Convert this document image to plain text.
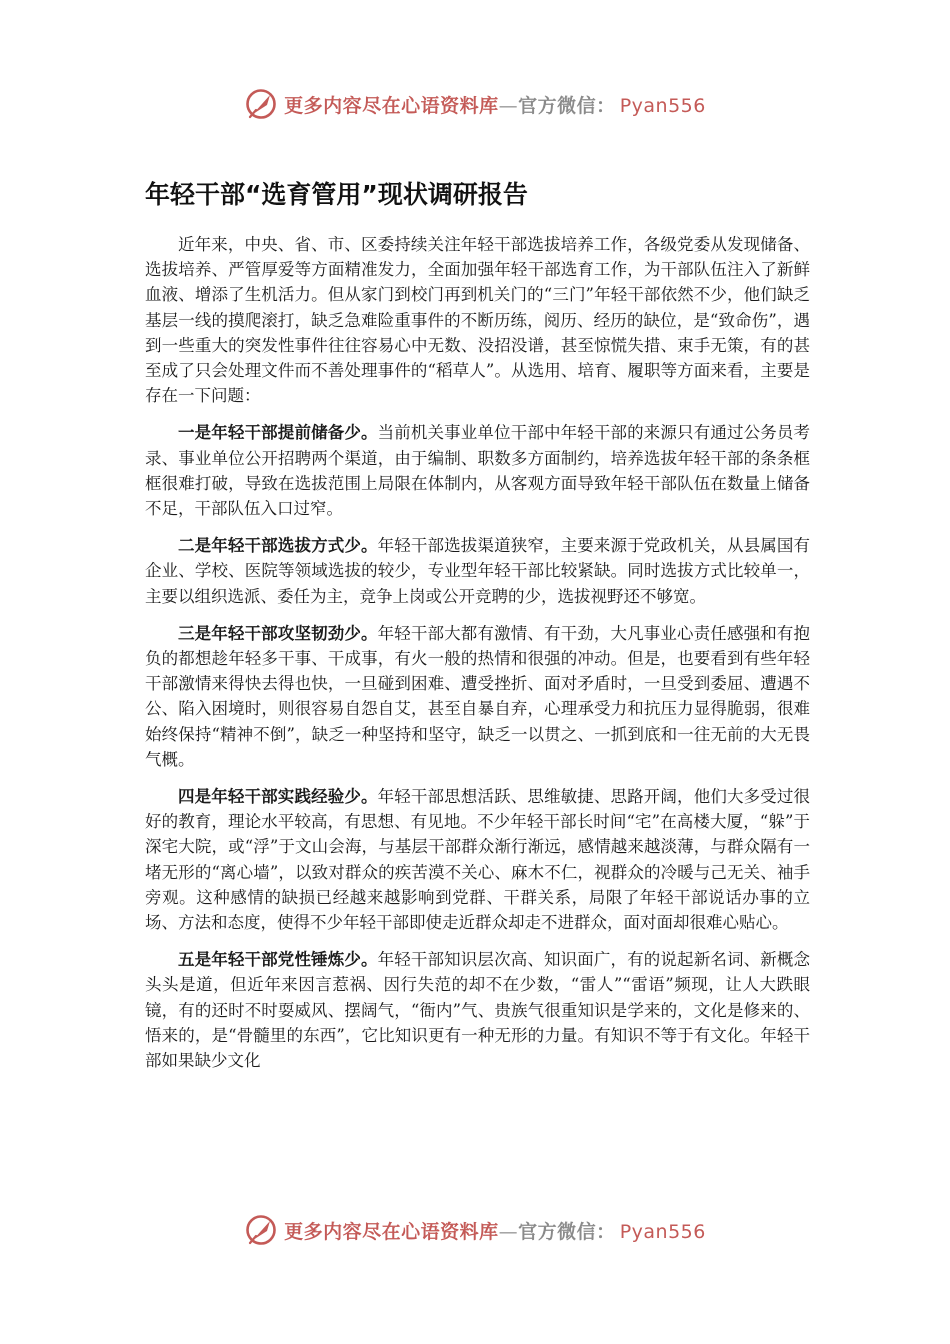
更多内容尽在心语资料库—官方微信： Pyan556
年轻干部“选育管用”现状调研报告

近年来，中央、省、市、区委持续关注年轻干部选拔培养工作，各级党委从发现储备、选拔培养、严管厚爱等方面精准发力，全面加强年轻干部选育工作，为干部队伍注入了新鲜血液、增添了生机活力。但从家门到校门再到机关门的“三门”年轻干部依然不少，他们缺乏基层一线的摸爬滚打，缺乏急难险重事件的不断历练，阅历、经历的缺位，是“致命伤”，遇到一些重大的突发性事件往往容易心中无数、没招没谱，甚至惊慌失措、束手无策，有的甚至成了只会处理文件而不善处理事件的“稻草人”。从选用、培育、履职等方面来看，主要是存在一下问题：

一是年轻干部提前储备少。当前机关事业单位干部中年轻干部的来源只有通过公务员考录、事业单位公开招聘两个渠道，由于编制、职数多方面制约，培养选拔年轻干部的条条框框很难打破，导致在选拔范围上局限在体制内，从客观方面导致年轻干部队伍在数量上储备不足，干部队伍入口过窄。

二是年轻干部选拔方式少。年轻干部选拔渠道狭窄，主要来源于党政机关，从县属国有企业、学校、医院等领域选拔的较少，专业型年轻干部比较紧缺。同时选拔方式比较单一，主要以组织选派、委任为主，竞争上岗或公开竞聘的少，选拔视野还不够宽。

三是年轻干部攻坚韧劲少。年轻干部大都有激情、有干劲，大凡事业心责任感强和有抱负的都想趁年轻多干事、干成事，有火一般的热情和很强的冲动。但是，也要看到有些年轻干部激情来得快去得也快，一旦碰到困难、遭受挫折、面对矛盾时，一旦受到委屈、遭遇不公、陷入困境时，则很容易自怨自艾，甚至自暴自弃，心理承受力和抗压力显得脆弱，很难始终保持“精神不倒”，缺乏一种坚持和坚守，缺乏一以贯之、一抓到底和一往无前的大无畏气概。

四是年轻干部实践经验少。年轻干部思想活跃、思维敏捷、思路开阔，他们大多受过很好的教育，理论水平较高，有思想、有见地。不少年轻干部长时间“宅”在高楼大厦，“躲”于深宅大院，或“浮”于文山会海，与基层干部群众渐行渐远，感情越来越淡薄，与群众隔有一堵无形的“离心墙”，以致对群众的疾苦漠不关心、麻木不仁，视群众的冷暖与己无关、袖手旁观。这种感情的缺损已经越来越影响到党群、干群关系，局限了年轻干部说话办事的立场、方法和态度，使得不少年轻干部即使走近群众却走不进群众，面对面却很难心贴心。

五是年轻干部党性锤炼少。年轻干部知识层次高、知识面广，有的说起新名词、新概念头头是道，但近年来因言惹祸、因行失范的却不在少数，“雷人”“雷语”频现，让人大跌眼镜，有的还时不时耍威风、摆阔气，“衙内”气、贵族气很重知识是学来的，文化是修来的、悟来的，是“骨髓里的东西”，它比知识更有一种无形的力量。有知识不等于有文化。年轻干部如果缺少文化

更多内容尽在心语资料库—官方微信： Pyan556
